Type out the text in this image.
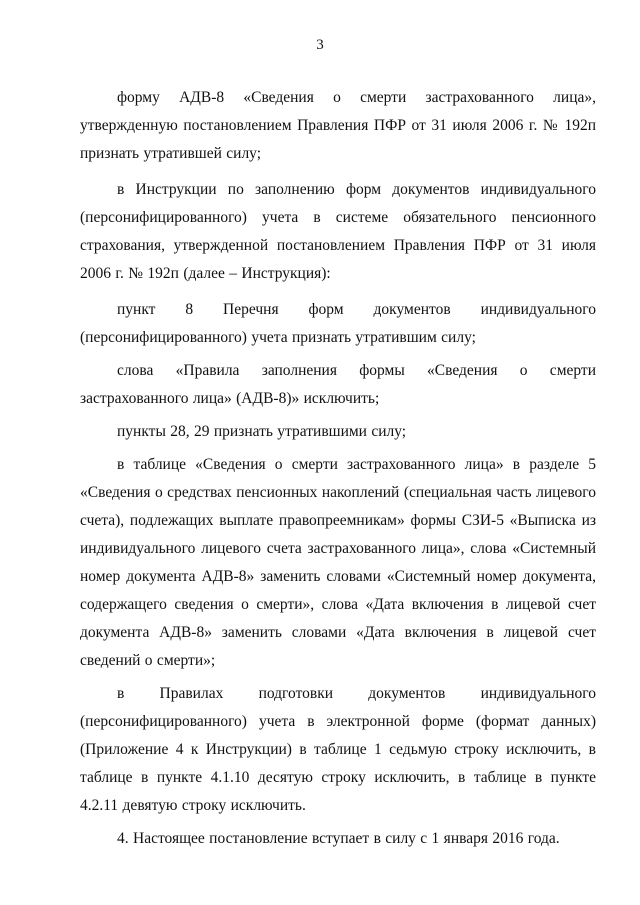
3

форму АДВ-8 «Сведения о смерти застрахованного лица», утвержденную постановлением Правления ПФР от 31 июля 2006 г. № 192п признать утратившей силу;

в Инструкции по заполнению форм документов индивидуального (персонифицированного) учета в системе обязательного пенсионного страхования, утвержденной постановлением Правления ПФР от 31 июля 2006 г. № 192п (далее – Инструкция):

пункт 8 Перечня форм документов индивидуального (персонифицированного) учета признать утратившим силу;

слова «Правила заполнения формы «Сведения о смерти застрахованного лица» (АДВ-8)» исключить;

пункты 28, 29 признать утратившими силу;

в таблице «Сведения о смерти застрахованного лица» в разделе 5 «Сведения о средствах пенсионных накоплений (специальная часть лицевого счета), подлежащих выплате правопреемникам» формы СЗИ-5 «Выписка из индивидуального лицевого счета застрахованного лица», слова «Системный номер документа АДВ-8» заменить словами «Системный номер документа, содержащего сведения о смерти», слова «Дата включения в лицевой счет документа АДВ-8» заменить словами «Дата включения в лицевой счет сведений о смерти»;

в Правилах подготовки документов индивидуального (персонифицированного) учета в электронной форме (формат данных) (Приложение 4 к Инструкции) в таблице 1 седьмую строку исключить, в таблице в пункте 4.1.10 десятую строку исключить, в таблице в пункте 4.2.11 девятую строку исключить.

4. Настоящее постановление вступает в силу с 1 января 2016 года.
